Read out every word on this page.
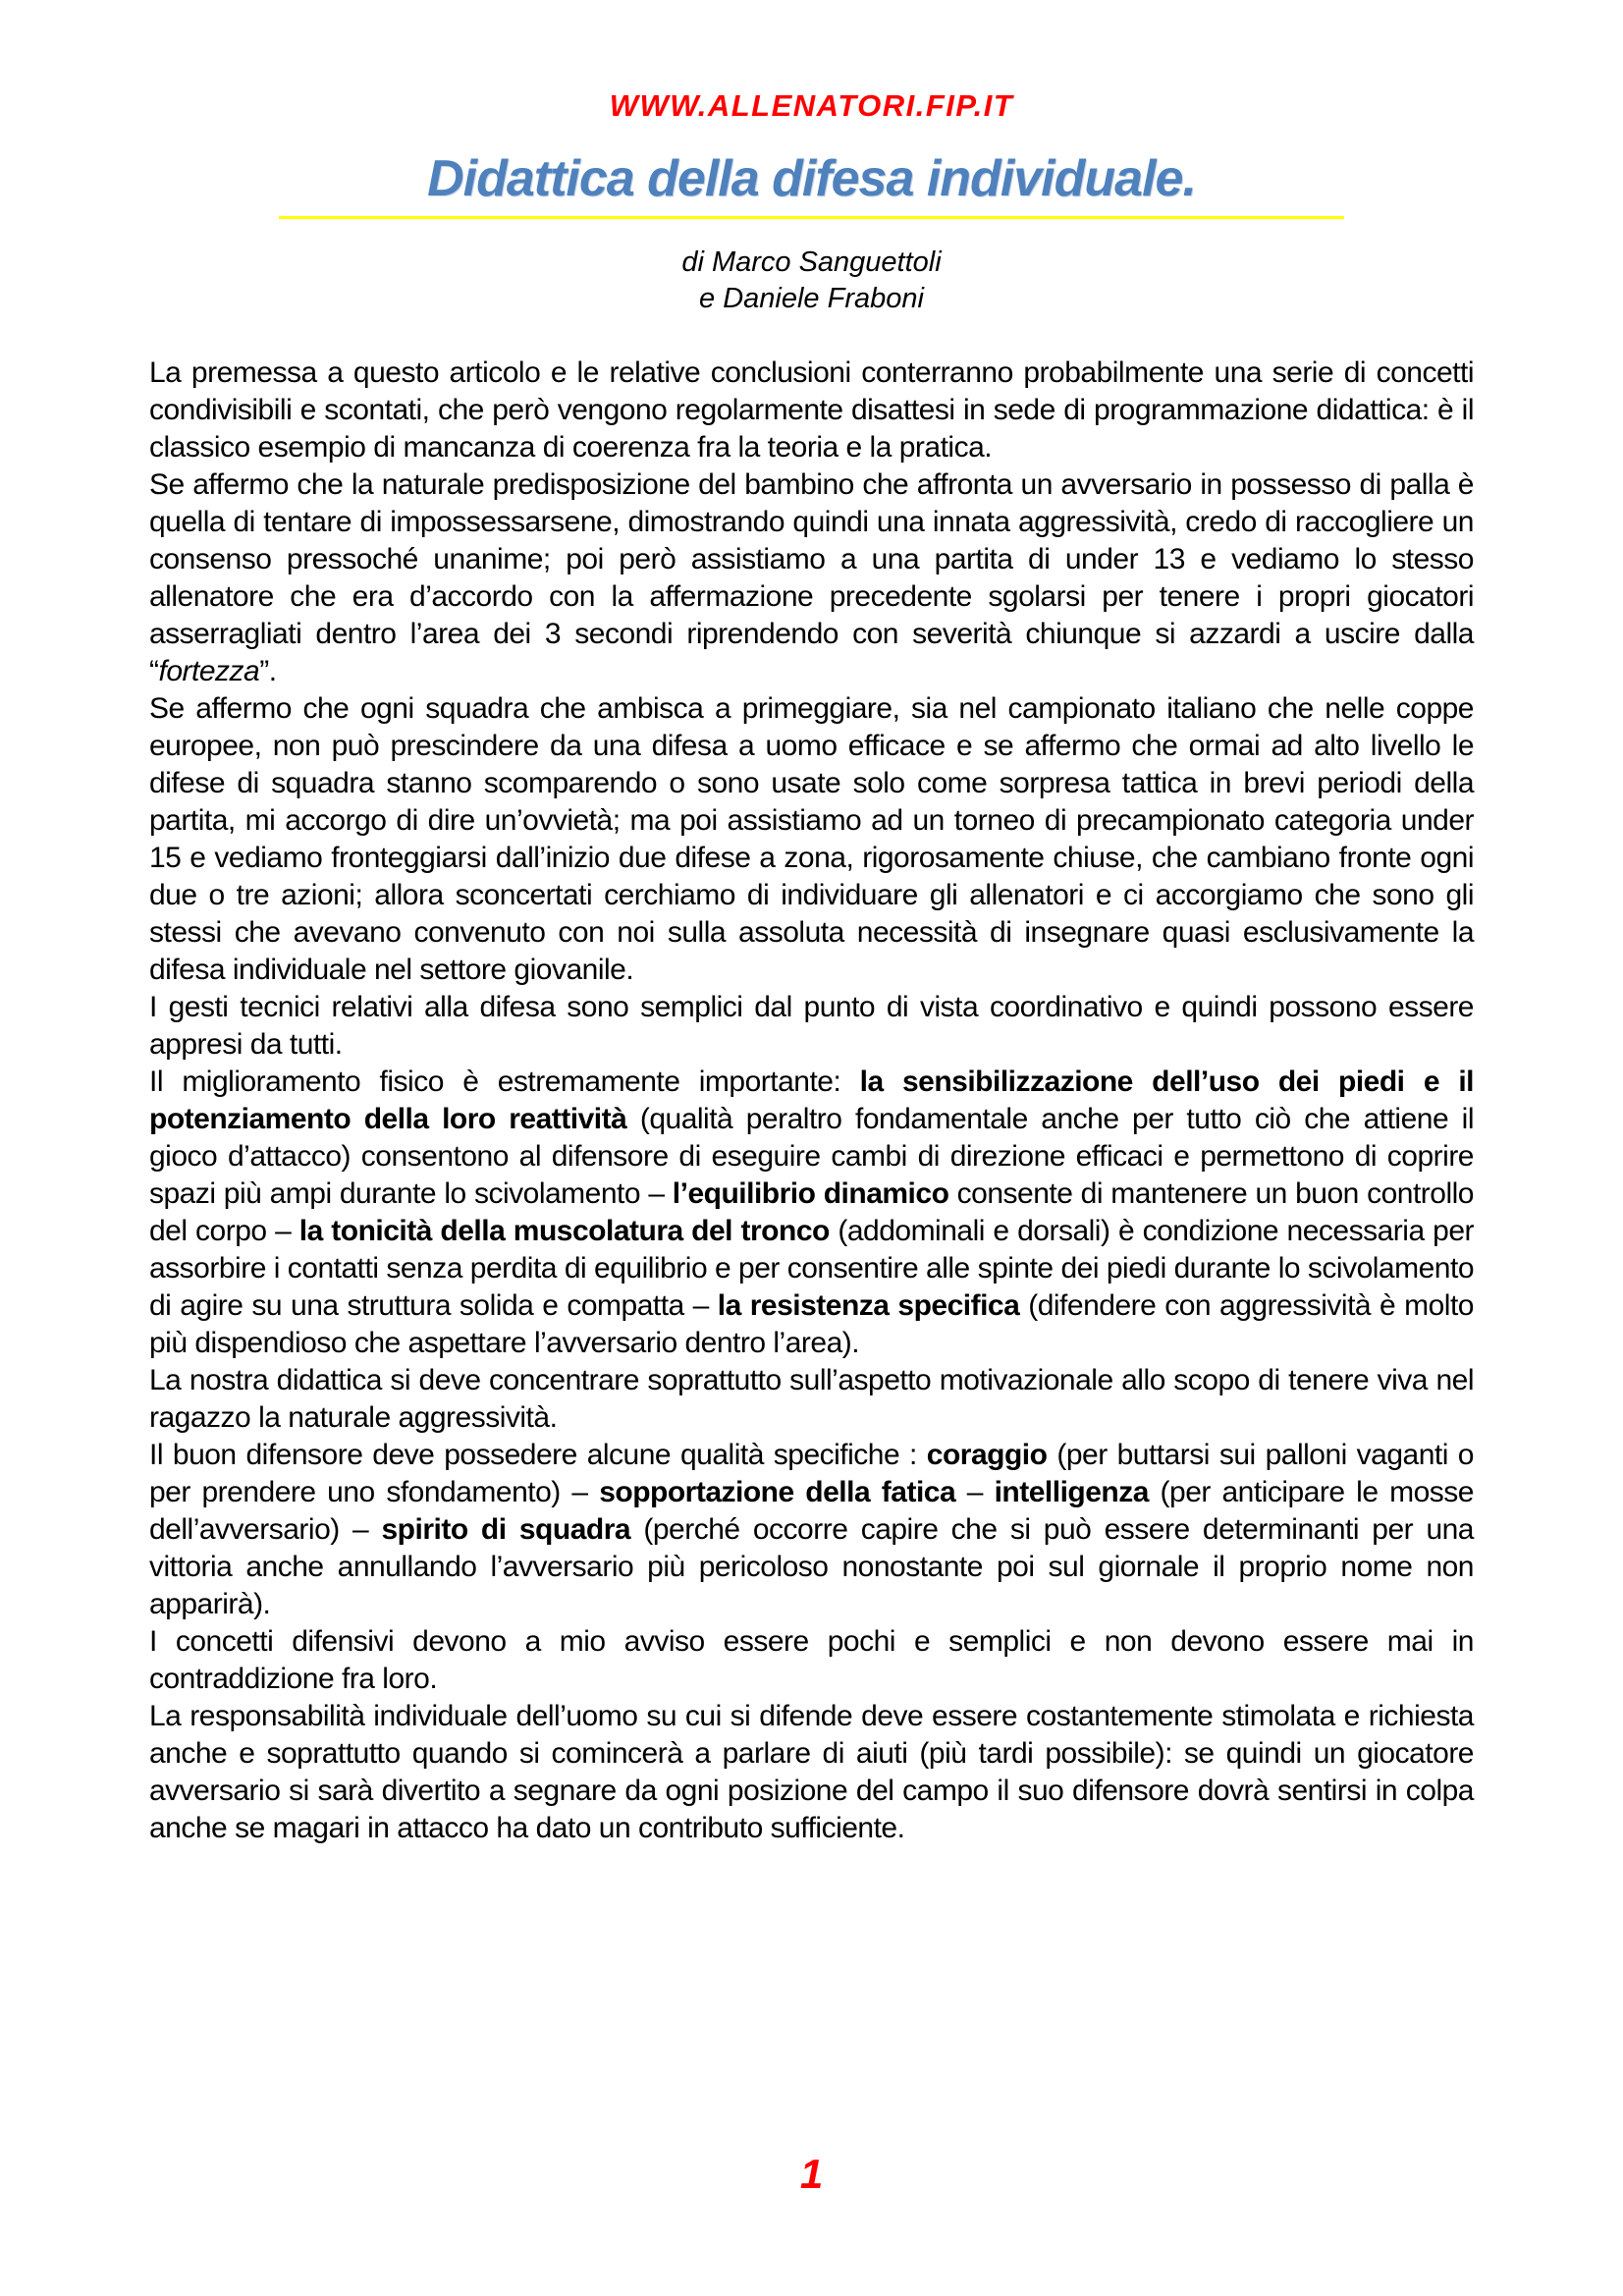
WWW.ALLENATORI.FIP.IT
Didattica della difesa individuale.
di Marco Sanguettoli
e Daniele Fraboni

La premessa a questo articolo e le relative conclusioni conterranno probabilmente una serie di concetti condivisibili e scontati, che però vengono regolarmente disattesi in sede di programmazione didattica: è il classico esempio di mancanza di coerenza fra la teoria e la pratica.

Se affermo che la naturale predisposizione del bambino che affronta un avversario in possesso di palla è quella di tentare di impossessarsene, dimostrando quindi una innata aggressività, credo di raccogliere un consenso pressoché unanime; poi però assistiamo a una partita di under 13 e vediamo lo stesso allenatore che era d’accordo con la affermazione precedente sgolarsi per tenere i propri giocatori asserragliati dentro l’area dei 3 secondi riprendendo con severità chiunque si azzardi a uscire dalla “fortezza”.

Se affermo che ogni squadra che ambisca a primeggiare, sia nel campionato italiano che nelle coppe europee, non può prescindere da una difesa a uomo efficace e se affermo che ormai ad alto livello le difese di squadra stanno scomparendo o sono usate solo come sorpresa tattica in brevi periodi della partita, mi accorgo di dire un’ovvietà; ma poi assistiamo ad un torneo di precampionato categoria under 15 e vediamo fronteggiarsi dall’inizio due difese a zona, rigorosamente chiuse, che cambiano fronte ogni due o tre azioni; allora sconcertati cerchiamo di individuare gli allenatori e ci accorgiamo che sono gli stessi che avevano convenuto con noi sulla assoluta necessità di insegnare quasi esclusivamente la difesa individuale nel settore giovanile.

I gesti tecnici relativi alla difesa sono semplici dal punto di vista coordinativo e quindi possono essere appresi da tutti.

Il miglioramento fisico è estremamente importante: la sensibilizzazione dell’uso dei piedi e il potenziamento della loro reattività (qualità peraltro fondamentale anche per tutto ciò che attiene il gioco d’attacco) consentono al difensore di eseguire cambi di direzione efficaci e permettono di coprire spazi più ampi durante lo scivolamento – l’equilibrio dinamico consente di mantenere un buon controllo del corpo – la tonicità della muscolatura del tronco (addominali e dorsali) è condizione necessaria per assorbire i contatti senza perdita di equilibrio e per consentire alle spinte dei piedi durante lo scivolamento di agire su una struttura solida e compatta – la resistenza specifica (difendere con aggressività è molto più dispendioso che aspettare l’avversario dentro l’area).

La nostra didattica si deve concentrare soprattutto sull’aspetto motivazionale allo scopo di tenere viva nel ragazzo la naturale aggressività.

Il buon difensore deve possedere alcune qualità specifiche : coraggio (per buttarsi sui palloni vaganti o per prendere uno sfondamento) – sopportazione della fatica – intelligenza (per anticipare le mosse dell’avversario) – spirito di squadra (perché occorre capire che si può essere determinanti per una vittoria anche annullando l’avversario più pericoloso nonostante poi sul giornale il proprio nome non apparirà).

I concetti difensivi devono a mio avviso essere pochi e semplici e non devono essere mai in contraddizione fra loro.

La responsabilità individuale dell’uomo su cui si difende deve essere costantemente stimolata e richiesta anche e soprattutto quando si comincerà a parlare di aiuti (più tardi possibile): se quindi un giocatore avversario si sarà divertito a segnare da ogni posizione del campo il suo difensore dovrà sentirsi in colpa anche se magari in attacco ha dato un contributo sufficiente.

1
